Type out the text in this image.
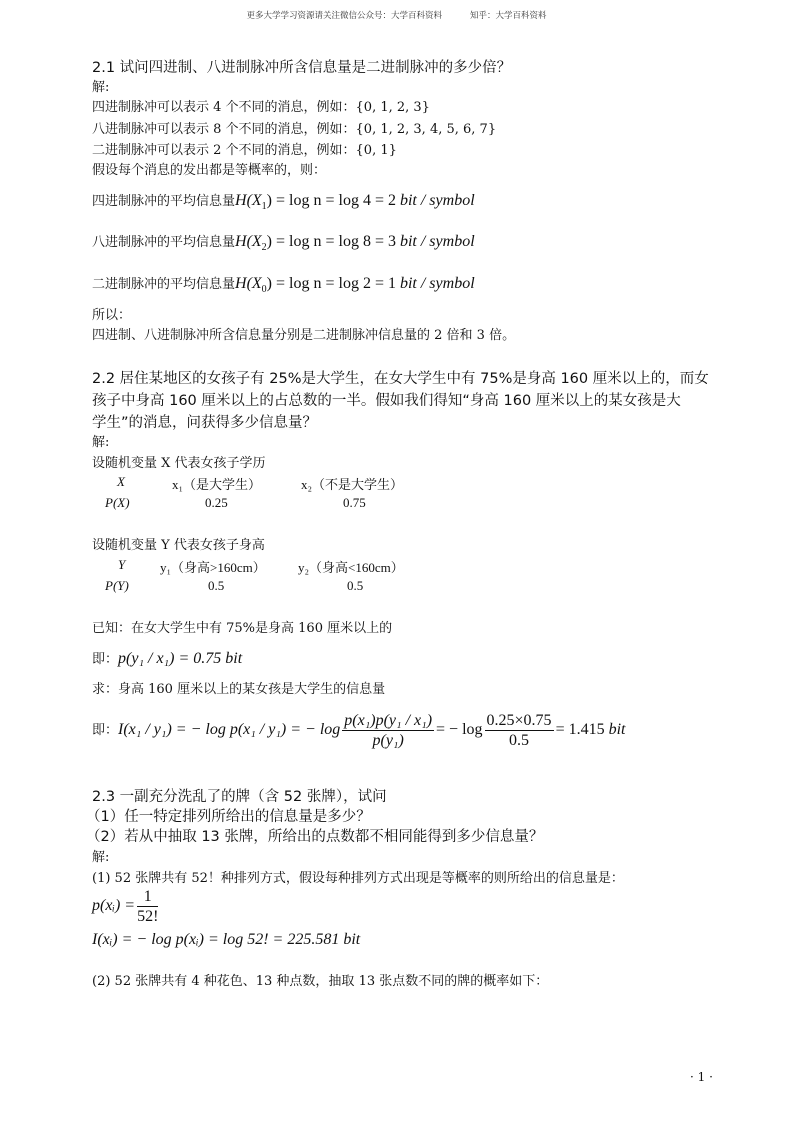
更多大学学习资源请关注微信公众号：大学百科资料	知乎：大学百科资料
2.1 试问四进制、八进制脉冲所含信息量是二进制脉冲的多少倍？
解:
四进制脉冲可以表示 4 个不同的消息，例如：{0, 1, 2, 3}
八进制脉冲可以表示 8 个不同的消息，例如：{0, 1, 2, 3, 4, 5, 6, 7}
二进制脉冲可以表示 2 个不同的消息，例如：{0, 1}
假设每个消息的发出都是等概率的，则：
四进制脉冲的平均信息量$H(X_1) = \log n = \log 4 = 2$ bit / symbol
八进制脉冲的平均信息量$H(X_2) = \log n = \log 8 = 3$ bit / symbol
二进制脉冲的平均信息量$H(X_0) = \log n = \log 2 = 1$ bit / symbol
所以：
四进制、八进制脉冲所含信息量分别是二进制脉冲信息量的 2 倍和 3 倍。
2.2 居住某地区的女孩子有 25%是大学生，在女大学生中有 75%是身高 160 厘米以上的，而女
孩子中身高 160 厘米以上的占总数的一半。假如我们得知“身高 160 厘米以上的某女孩是大
学生”的消息，问获得多少信息量？
解:
设随机变量 X 代表女孩子学历
X	x₁（是大学生）	x₂（不是大学生）
P(X)	0.25	0.75
设随机变量 Y 代表女孩子身高
Y	y₁（身高>160cm） y₂（身高<160cm）
P(Y)	0.5	0.5
已知：在女大学生中有 75%是身高 160 厘米以上的
即：p(y₁ / x₁) = 0.75 bit
求：身高 160 厘米以上的某女孩是大学生的信息量
即：I(x₁ / y₁) = − log p(x₁ / y₁) = − $\log \frac{\text{p(x₁)p(y₁ / x₁)}}{\text{p(y₁)}}$ = − $\log \frac{0.25\times 0.75}{0.5} = 1.415$ bit
2.3 一副充分洗乱了的牌（含 52 张牌），试问
（1）任一特定排列所给出的信息量是多少？
（2）若从中抽取 13 张牌，所给出的点数都不相同能得到多少信息量？
解:
(1) 52 张牌共有 52！种排列方式，假设每种排列方式出现是等概率的则所给出的信息量是：
p(xᵢ) = $\frac{1}{52!}$
I(xᵢ) = − log p(xᵢ) = log 52! = 225.581 bit
(2) 52 张牌共有 4 种花色、13 种点数，抽取 13 张点数不同的牌的概率如下：
· 1 ·
